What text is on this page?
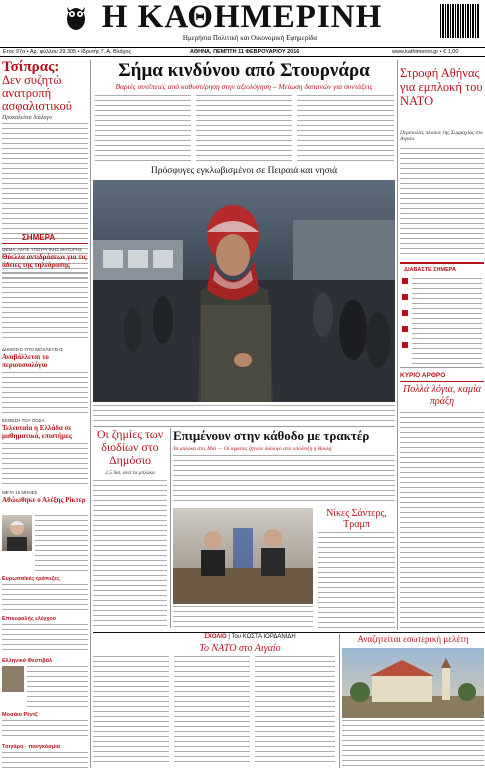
Η ΚΑΘΗΜΕΡΙΝΗ
Ημερήσια Πολιτική και Οικονομική Εφημερίδα
Ετος 97ο • Αρ. φύλλου 29.305 • Ιδρυτής Γ. Α. Βλάχος	ΑΘΗΝΑ, ΠΕΜΠΤΗ 11 ΦΕΒΡΟΥΑΡΙΟΥ 2016	www.kathimerini.gr • € 1,00
Τσίπρας:
Δεν συζητώ ανατροπή ασφαλιστικού
Προκαλείται διάλογο
ΣΗΜΕΡΑ
ΘΕΜΑ: ΑΝΤΕ ΥΠΟΥΡΓΙΚΗΣ ΜΑΤΟΡΗΣ
Θύελλα αντιδράσεων για τις άδειες της τηλεόρασης
ΔΗΜΟΣΙΟ ΥΠΟ ΜΟΧΛΕΥΣΗΣ
Αναβάλλεται το περιουσιολόγιο
ΕΚΘΕΣΗ ΤΟΥ ΟΟΣΑ
Τελευταία η Ελλάδα σε μαθηματικά, επιστήμες
ΜΕΤΑ 15 ΜΗΝΕΣ
Αθώωθηκε ο Αλέξης Ρίκτερ
Ευρωπαϊκές τράπεζες
Επικεφαλής ελέγχου
Ελληνικό Φεστιβάλ
Μοσάιο Ρέντζ
Τσιγάρα - πανγκόσμια
Σήμα κινδύνου από Στουρνάρα
Βαριές συνέπειες από καθυστέρηση στην αξιολόγηση – Μείωση δαπανών για συντάξεις
Πρόσφυγες εγκλωβισμένοι σε Πειραιά και νησιά
Στροφή Αθήνας για εμπλοκή του ΝΑΤΟ
Περιπολίες πλοίων της Συμμαχίας στο Αιγαίο
ΔΙΑΒΑΣΤΕ ΣΗΜΕΡΑ
ΚΥΡΙΟ ΑΡΘΡΟ
Πολλά λόγια, καμία πράξη
Οι ζημίες των διοδίων στο Δημόσιο
2,5 δισ. ανά τα μπλόκα
Επιμένουν στην κάθοδο με τρακτέρ
Τα μπλόκα στις Μαΐ — Οι αγρότες ζητούν διάλογο από υπόδειξη η Βουλή
Νίκες Σάντερς, Τραμπ
ΣΧΟΛΙΟ | Του ΚΩΣΤΑ ΙΟΡΔΑΝΙΔΗ
Το ΝΑΤΟ στο Αιγαίο
Αναζητείται εσωτερική μελέτη
